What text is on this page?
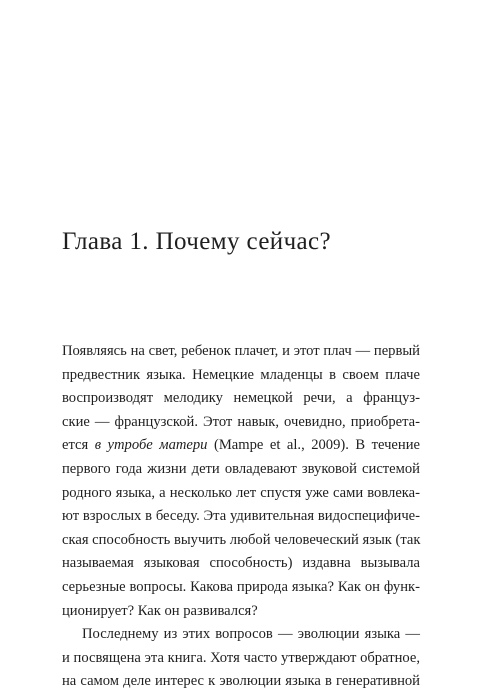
Глава 1. Почему сейчас?
Появляясь на свет, ребенок плачет, и этот плач — первый
предвестник языка. Немецкие младенцы в своем плаче
воспроизводят мелодику немецкой речи, а француз-
ские — французской. Этот навык, очевидно, приобрета-
ется в утробе матери (Mampe et al., 2009). В течение
первого года жизни дети овладевают звуковой системой
родного языка, а несколько лет спустя уже сами вовлека-
ют взрослых в беседу. Эта удивительная видоспецифиче-
ская способность выучить любой человеческий язык (так
называемая языковая способность) издавна вызывала
серьезные вопросы. Какова природа языка? Как он функ-
ционирует? Как он развивался?
Последнему из этих вопросов — эволюции языка —
и посвящена эта книга. Хотя часто утверждают обратное,
на самом деле интерес к эволюции языка в генеративной
